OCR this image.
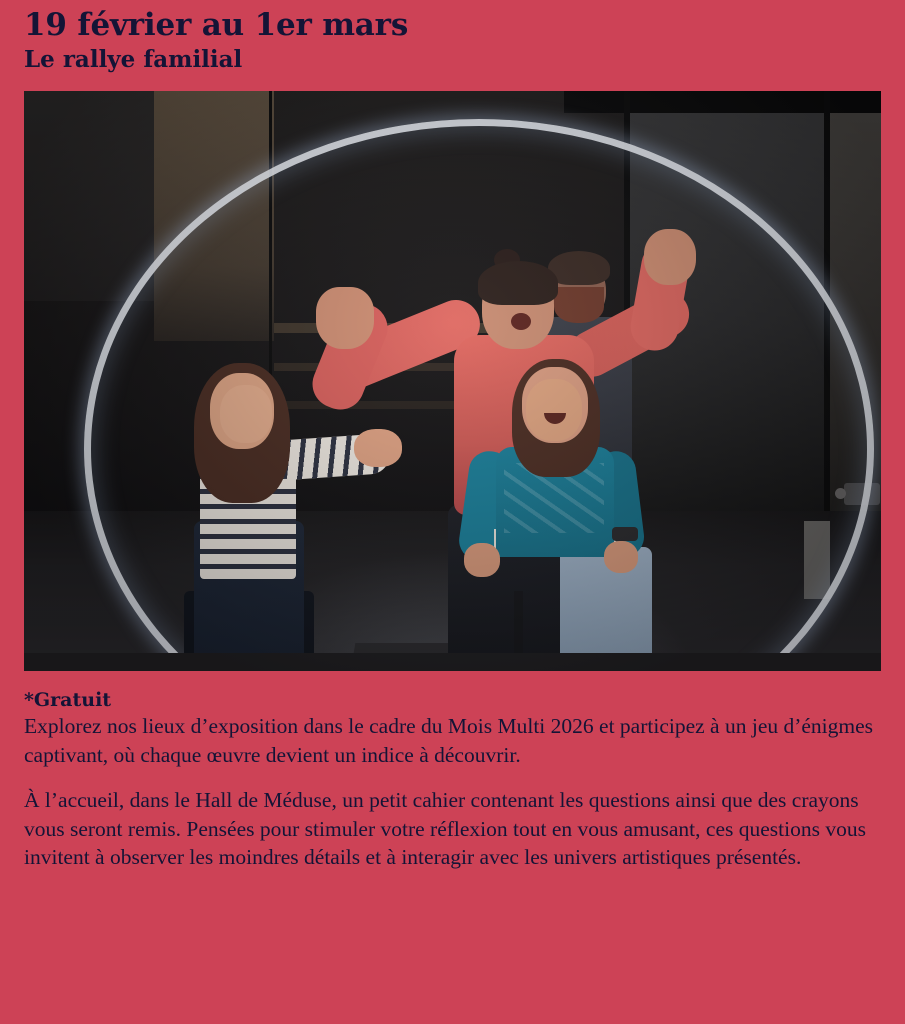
19 février au 1er mars
Le rallye familial

*Gratuit

Explorez nos lieux d’exposition dans le cadre du Mois Multi 2026 et participez à un jeu d’énigmes captivant, où chaque œuvre devient un indice à découvrir.

À l’accueil, dans le Hall de Méduse, un petit cahier contenant les questions ainsi que des crayons vous seront remis. Pensées pour stimuler votre réflexion tout en vous amusant, ces questions vous invitent à observer les moindres détails et à interagir avec les univers artistiques présentés.
